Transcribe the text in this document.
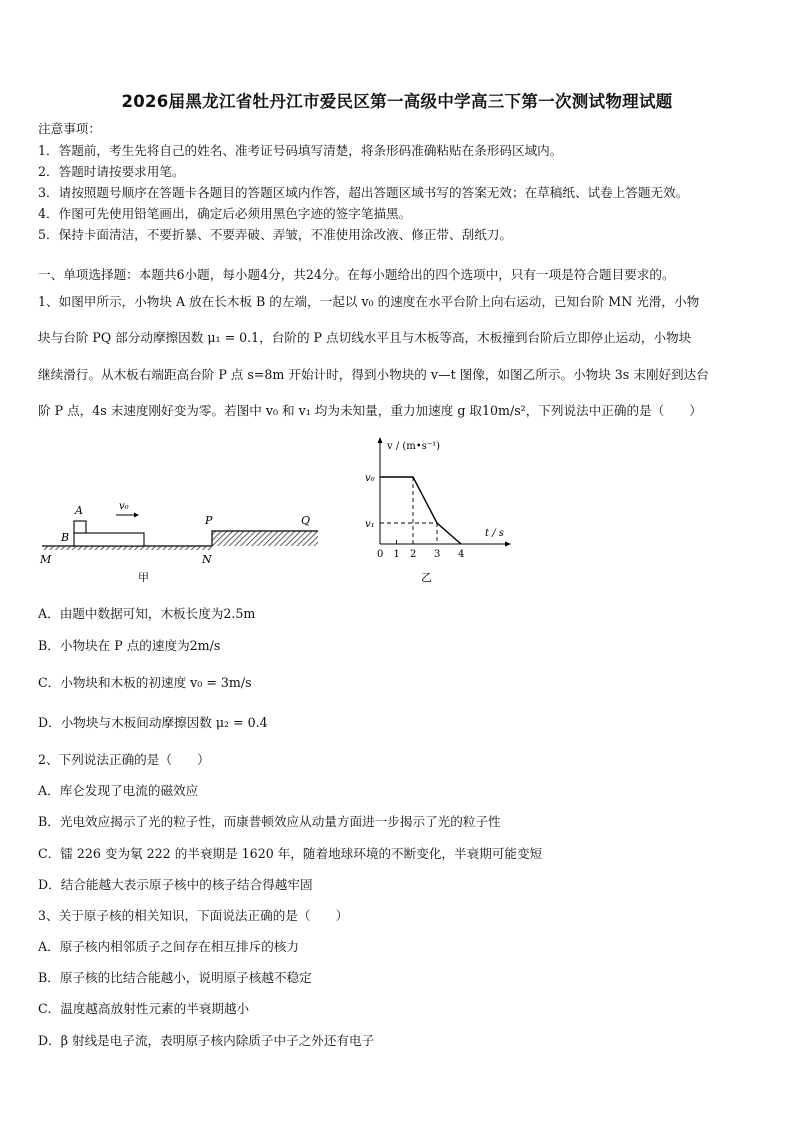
2026届黑龙江省牡丹江市爱民区第一高级中学高三下第一次测试物理试题
注意事项：
1．答题前，考生先将自己的姓名、准考证号码填写清楚，将条形码准确粘贴在条形码区域内。
2．答题时请按要求用笔。
3．请按照题号顺序在答题卡各题目的答题区域内作答，超出答题区域书写的答案无效；在草稿纸、试卷上答题无效。
4．作图可先使用铅笔画出，确定后必须用黑色字迹的签字笔描黑。
5．保持卡面清洁，不要折暴、不要弄破、弄皱，不准使用涂改液、修正带、刮纸刀。
一、单项选择题：本题共6小题，每小题4分，共24分。在每小题给出的四个选项中，只有一项是符合题目要求的。
1、如图甲所示，小物块 A 放在长木板 B 的左端，一起以 v₀ 的速度在水平台阶上向右运动，已知台阶 MN 光滑，小物
块与台阶 PQ 部分动摩擦因数 μ₁ = 0.1，台阶的 P 点切线水平且与木板等高，木板撞到台阶后立即停止运动，小物块
继续滑行。从木板右端距高台阶 P 点 s=8m 开始计时，得到小物块的 v—t 图像，如图乙所示。小物块 3s 末刚好到达台
阶 P 点，4s 末速度刚好变为零。若图中 v₀ 和 v₁ 均为未知量，重力加速度 g 取10m/s²，下列说法中正确的是（　　）
A
B
v₀
P	Q
M	N
甲
v / (m•s⁻¹)
t / s
v₀
v₁
0 1 2 3 4
乙
A．由题中数据可知，木板长度为2.5m
B．小物块在 P 点的速度为2m/s
C．小物块和木板的初速度 v₀ = 3m/s
D．小物块与木板间动摩擦因数 μ₂ = 0.4
2、下列说法正确的是（　　）
A．库仑发现了电流的磁效应
B．光电效应揭示了光的粒子性，而康普顿效应从动量方面进一步揭示了光的粒子性
C．镭 226 变为氡 222 的半衰期是 1620 年，随着地球环境的不断变化，半衰期可能变短
D．结合能越大表示原子核中的核子结合得越牢固
3、关于原子核的相关知识，下面说法正确的是（　　）
A．原子核内相邻质子之间存在相互排斥的核力
B．原子核的比结合能越小，说明原子核越不稳定
C．温度越高放射性元素的半衰期越小
D．β 射线是电子流，表明原子核内除质子中子之外还有电子
